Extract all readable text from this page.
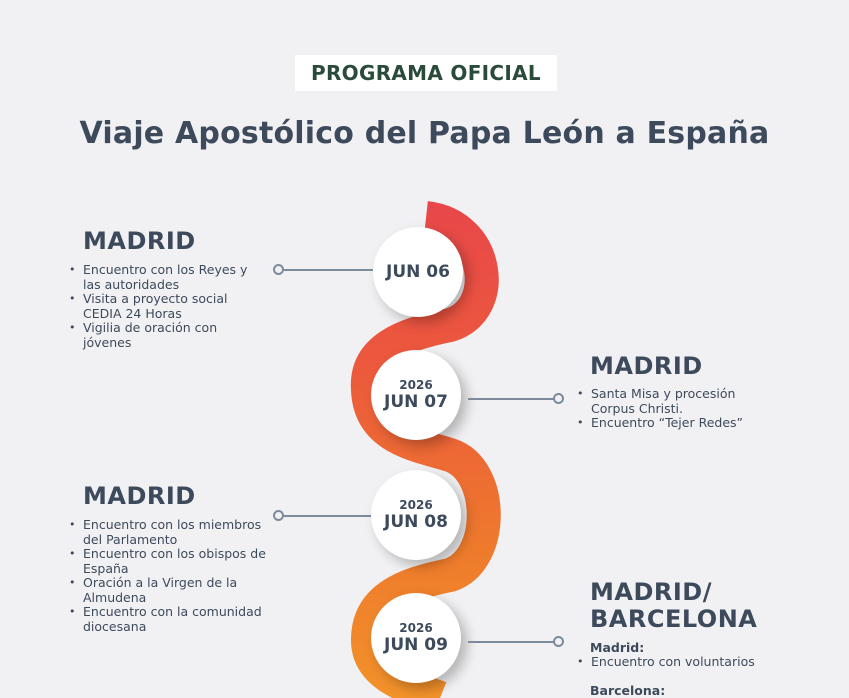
PROGRAMA OFICIAL
Viaje Apostólico del Papa León a España
JUN 06
MADRID
• Encuentro con los Reyes y las autoridades
• Visita a proyecto social CEDIA 24 Horas
• Vigilia de oración con jóvenes
2026
JUN 07
MADRID
• Santa Misa y procesión Corpus Christi.
• Encuentro “Tejer Redes”
2026
JUN 08
MADRID
• Encuentro con los miembros del Parlamento
• Encuentro con los obispos de España
• Oración a la Virgen de la Almudena
• Encuentro con la comunidad diocesana	2026
JUN 09
MADRID/
BARCELONA
Madrid:
• Encuentro con voluntarios
Barcelona:
